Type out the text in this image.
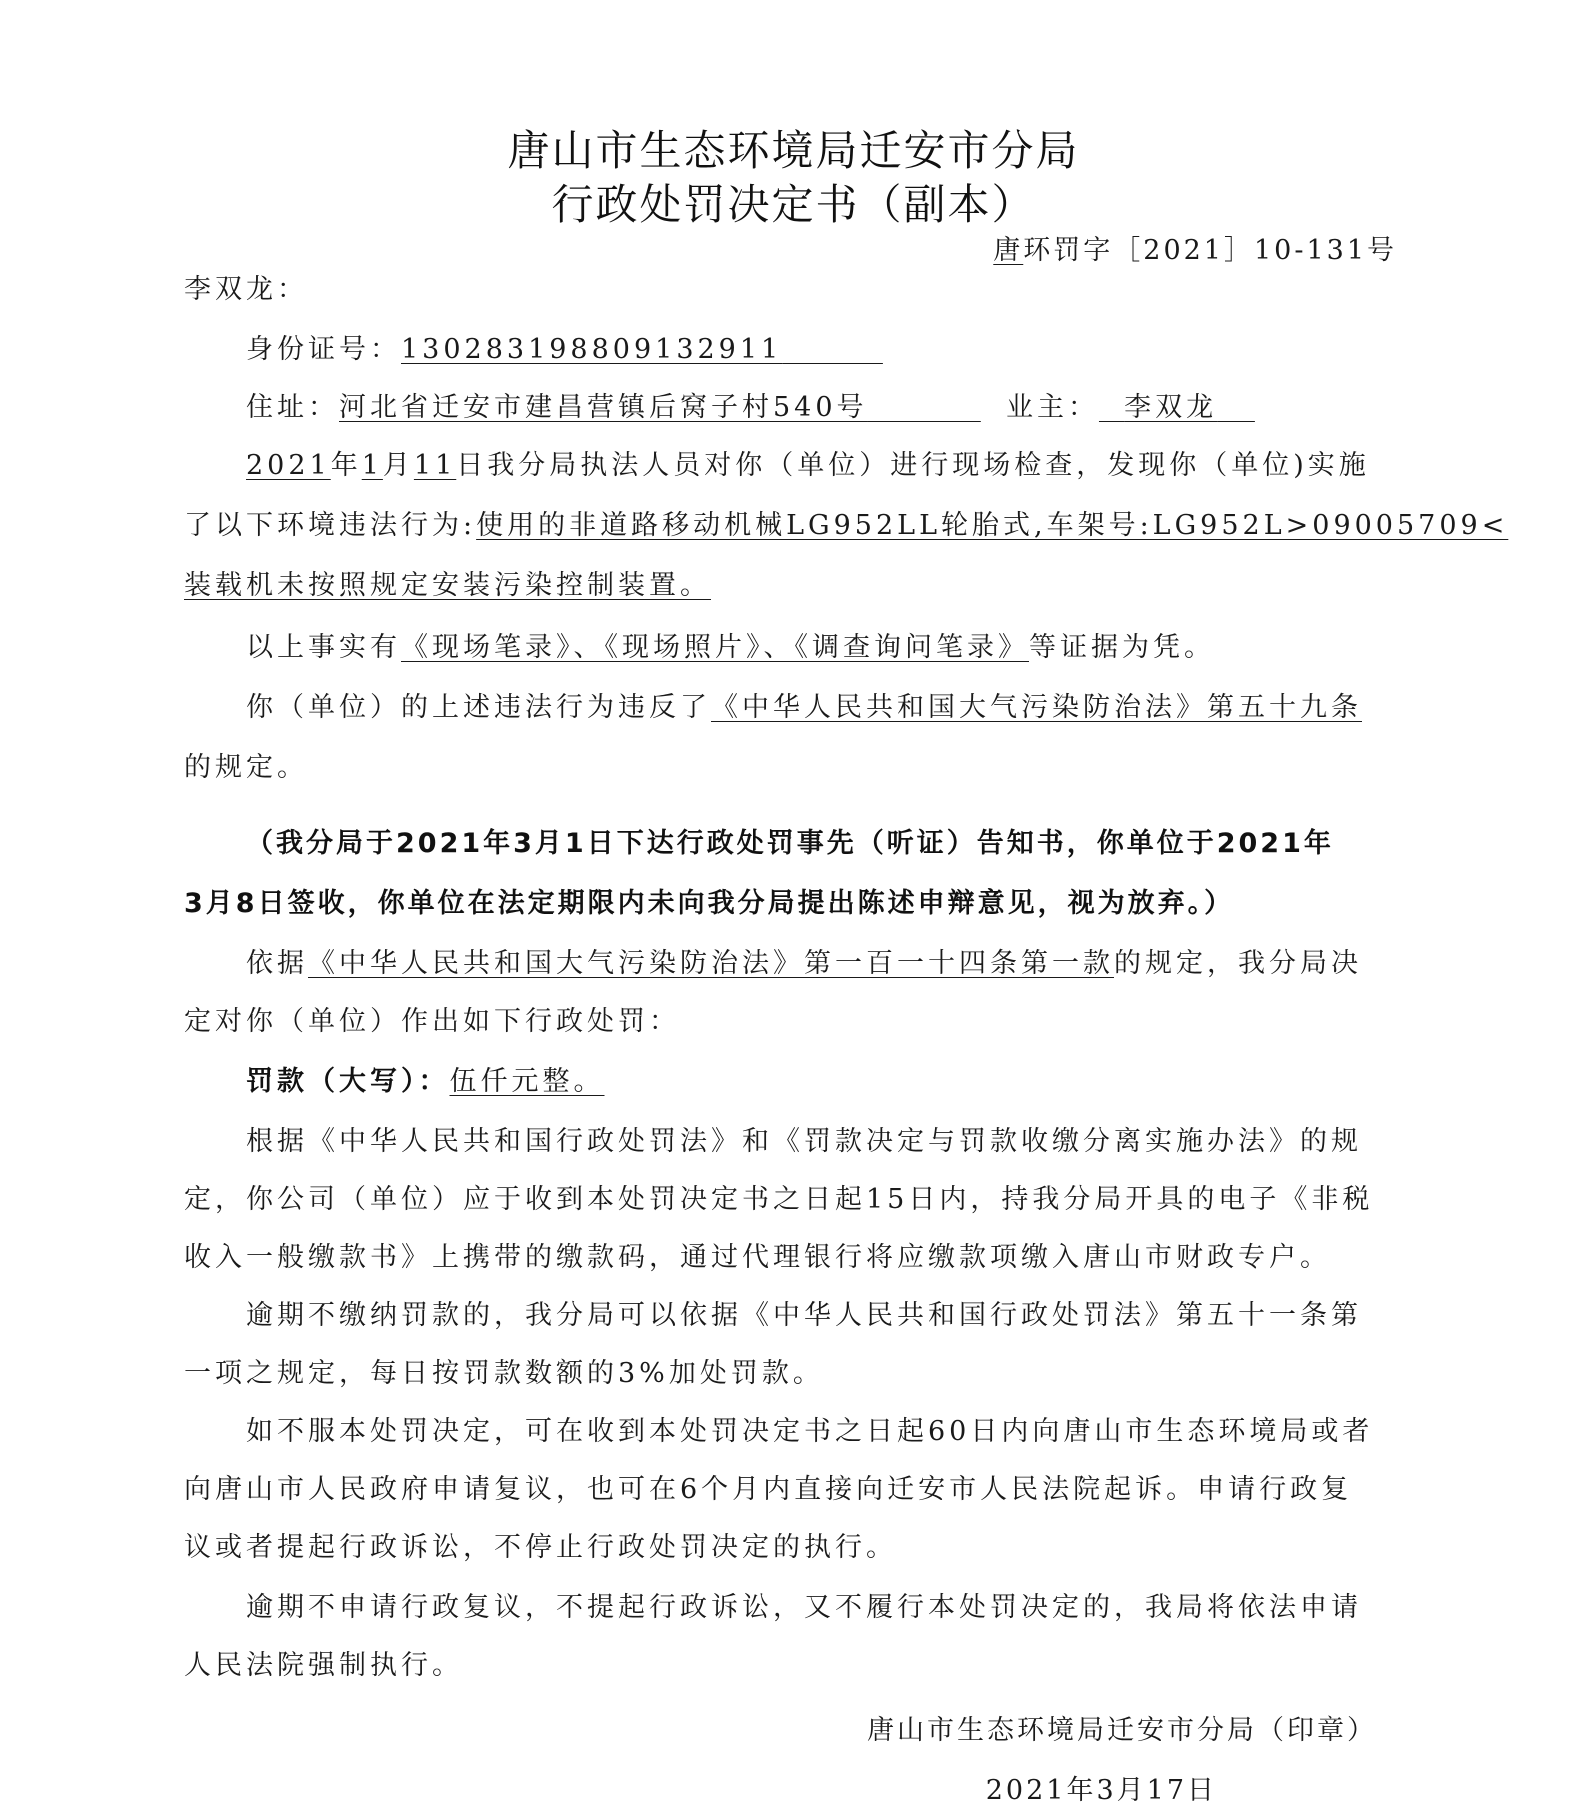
唐山市生态环境局迁安市分局
行政处罚决定书（副本）
唐环罚字［2021］10-131号
李双龙：
身份证号：130283198809132911
住址：河北省迁安市建昌营镇后窝子村540号	业主： 李双龙
2021年1月11日我分局执法人员对你（单位）进行现场检查，发现你（单位)实施
了以下环境违法行为:使用的非道路移动机械LG952LL轮胎式,车架号:LG952L>09005709<
装载机未按照规定安装污染控制装置。
以上事实有《现场笔录》、《现场照片》、《调查询问笔录》等证据为凭。
你（单位）的上述违法行为违反了《中华人民共和国大气污染防治法》第五十九条
的规定。
（我分局于2021年3月1日下达行政处罚事先（听证）告知书，你单位于2021年
3月8日签收，你单位在法定期限内未向我分局提出陈述申辩意见，视为放弃。）
依据《中华人民共和国大气污染防治法》第一百一十四条第一款的规定，我分局决
定对你（单位）作出如下行政处罚：
罚款（大写）：伍仟元整。
根据《中华人民共和国行政处罚法》和《罚款决定与罚款收缴分离实施办法》的规
定，你公司（单位）应于收到本处罚决定书之日起15日内，持我分局开具的电子《非税
收入一般缴款书》上携带的缴款码，通过代理银行将应缴款项缴入唐山市财政专户。
逾期不缴纳罚款的，我分局可以依据《中华人民共和国行政处罚法》第五十一条第
一项之规定，每日按罚款数额的3%加处罚款。
如不服本处罚决定，可在收到本处罚决定书之日起60日内向唐山市生态环境局或者
向唐山市人民政府申请复议，也可在6个月内直接向迁安市人民法院起诉。申请行政复
议或者提起行政诉讼，不停止行政处罚决定的执行。
逾期不申请行政复议，不提起行政诉讼，又不履行本处罚决定的，我局将依法申请
人民法院强制执行。
唐山市生态环境局迁安市分局（印章）
2021年3月17日
